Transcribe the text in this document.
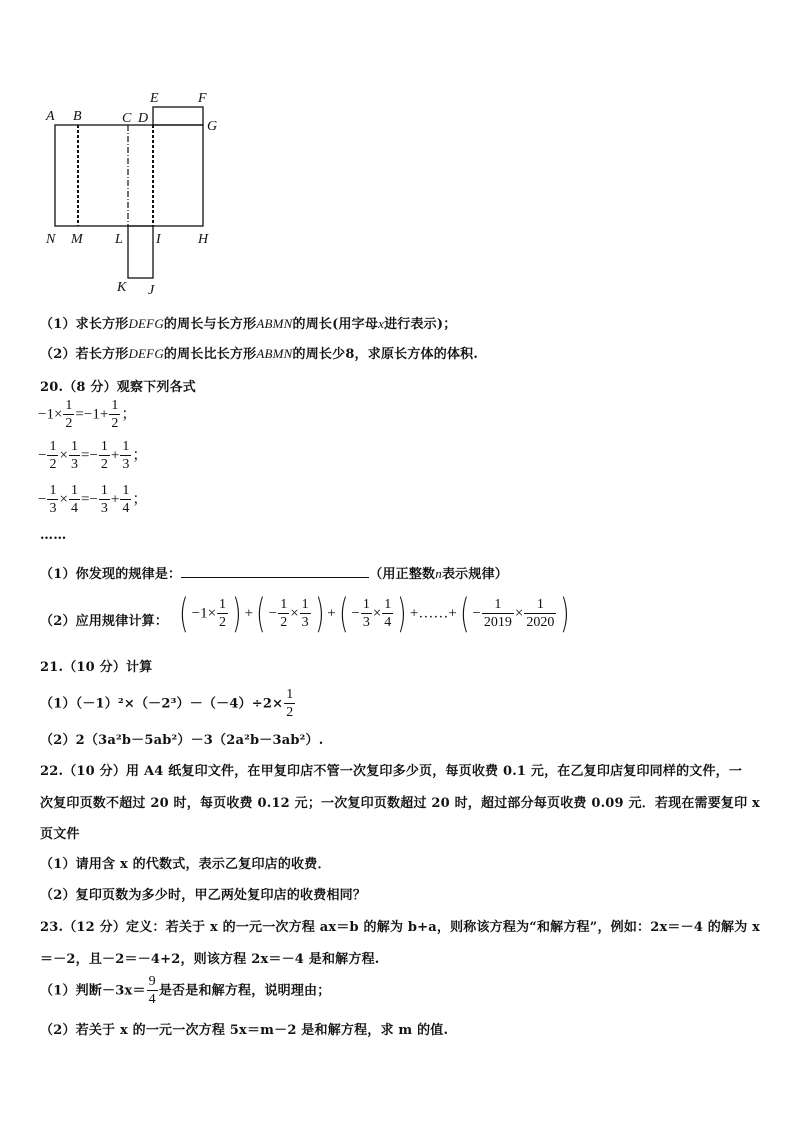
A B	C D
E	F
G
N M L I	H
K J
（1）求长方形DEFG的周长与长方形ABMN的周长(用字母x进行表示)；
（2）若长方形DEFG的周长比长方形ABMN的周长少8，求原长方体的体积.
20.（8 分）观察下列各式
$-1\times \frac{1}{2} =-1+ \frac{1}{2}$ ；
− $\frac{1}{2} \times \frac{1}{3} =- \frac{1}{2} + \frac{1}{3}$ ；
− $\frac{1}{3} \times \frac{1}{4} =- \frac{1}{3} + \frac{1}{4}$ ；
……
（1）你发现的规律是：	（用正整数n表示规律）
（2）应用规律计算： ( $-1\times \frac{1}{2}$ ) +( − $\frac{1}{2} \times \frac{1}{3}$ ) +( − $\frac{1}{3} \times \frac{1}{4}$ ) +……+( − $\frac{1}{2019} \times \frac{1}{2020}$ )
21.（10 分）计算
$(1)(-1)^2\times(-2^3)-(-4)\div 2\times \frac{1}{2}$
（2）2（3a²b－5ab²）－3（2a²b－3ab²）.
22.（10 分）用 A4 纸复印文件，在甲复印店不管一次复印多少页，每页收费 0.1 元，在乙复印店复印同样的文件，一
次复印页数不超过 20 时，每页收费 0.12 元；一次复印页数超过 20 时，超过部分每页收费 0.09 元．若现在需要复印 x
页文件
（1）请用含 x 的代数式，表示乙复印店的收费．
（2）复印页数为多少时，甲乙两处复印店的收费相同？
23.（12 分）定义：若关于 x 的一元一次方程 ax＝b 的解为 b+a，则称该方程为“和解方程”，例如：2x＝－4 的解为 x
＝－2，且－2＝－4+2，则该方程 2x＝－4 是和解方程.
（1）判断$-3x= \frac{9}{4}$ 是否是和解方程，说明理由；
（2）若关于 x 的一元一次方程 5x＝m－2 是和解方程，求 m 的值.
